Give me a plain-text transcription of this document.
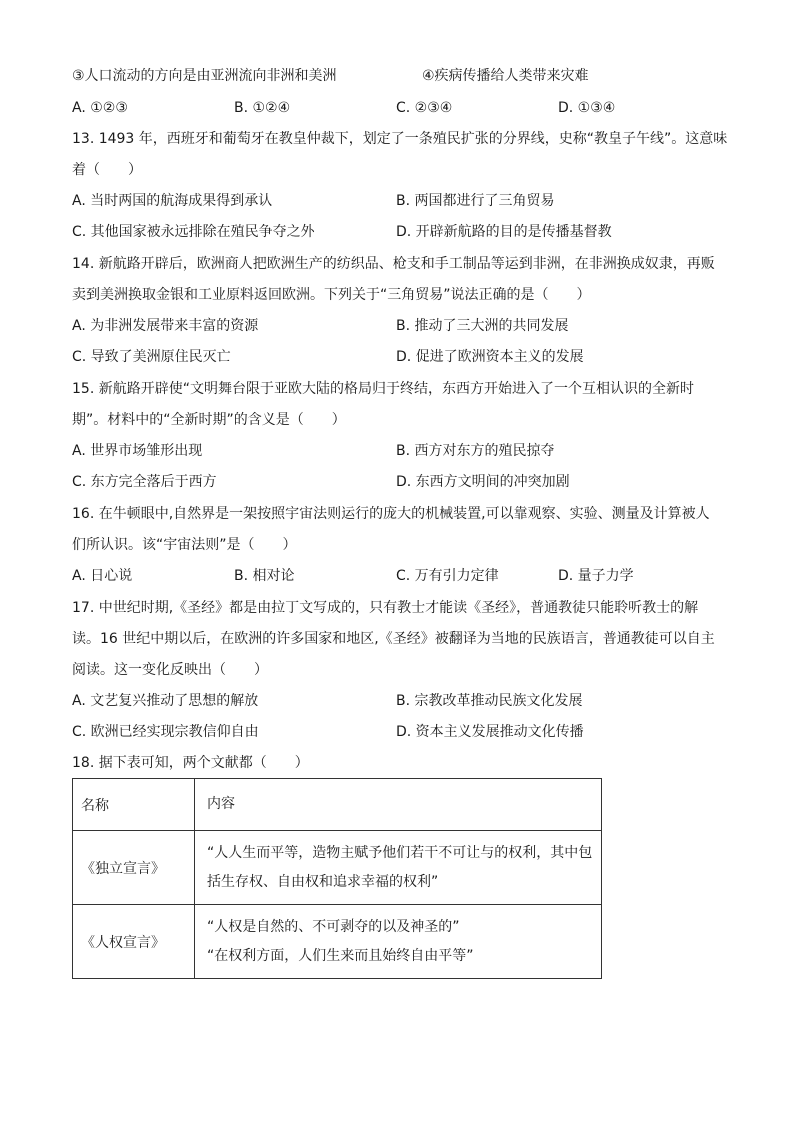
③人口流动的方向是由亚洲流向非洲和美洲	④疾病传播给人类带来灾难
A. ①②③	B. ①②④	C. ②③④	D. ①③④
13. 1493 年，西班牙和葡萄牙在教皇仲裁下，划定了一条殖民扩张的分界线，史称“教皇子午线”。这意味
着（　　）
A. 当时两国的航海成果得到承认	B. 两国都进行了三角贸易
C. 其他国家被永远排除在殖民争夺之外	D. 开辟新航路的目的是传播基督教
14. 新航路开辟后，欧洲商人把欧洲生产的纺织品、枪支和手工制品等运到非洲，在非洲换成奴隶，再贩
卖到美洲换取金银和工业原料返回欧洲。下列关于“三角贸易”说法正确的是（　　）
A. 为非洲发展带来丰富的资源	B. 推动了三大洲的共同发展
C. 导致了美洲原住民灭亡	D. 促进了欧洲资本主义的发展
15. 新航路开辟使“文明舞台限于亚欧大陆的格局归于终结，东西方开始进入了一个互相认识的全新时
期”。材料中的“全新时期”的含义是（　　）
A. 世界市场雏形出现	B. 西方对东方的殖民掠夺
C. 东方完全落后于西方	D. 东西方文明间的冲突加剧
16. 在牛顿眼中,自然界是一架按照宇宙法则运行的庞大的机械装置,可以靠观察、实验、测量及计算被人
们所认识。该“宇宙法则”是（　　）
A. 日心说	B. 相对论	C. 万有引力定律	D. 量子力学
17. 中世纪时期,《圣经》都是由拉丁文写成的，只有教士才能读《圣经》，普通教徒只能聆听教士的解
读。16 世纪中期以后，在欧洲的许多国家和地区,《圣经》被翻译为当地的民族语言，普通教徒可以自主
阅读。这一变化反映出（　　）
A. 文艺复兴推动了思想的解放	B. 宗教改革推动民族文化发展
C. 欧洲已经实现宗教信仰自由	D. 资本主义发展推动文化传播
18. 据下表可知，两个文献都（　　）
名称	内容
《独立宣言》	“人人生而平等，造物主赋予他们若干不可让与的权利，其中包
括生存权、自由权和追求幸福的权利”

《人权宣言》	“人权是自然的、不可剥夺的以及神圣的”
“在权利方面，人们生来而且始终自由平等”
